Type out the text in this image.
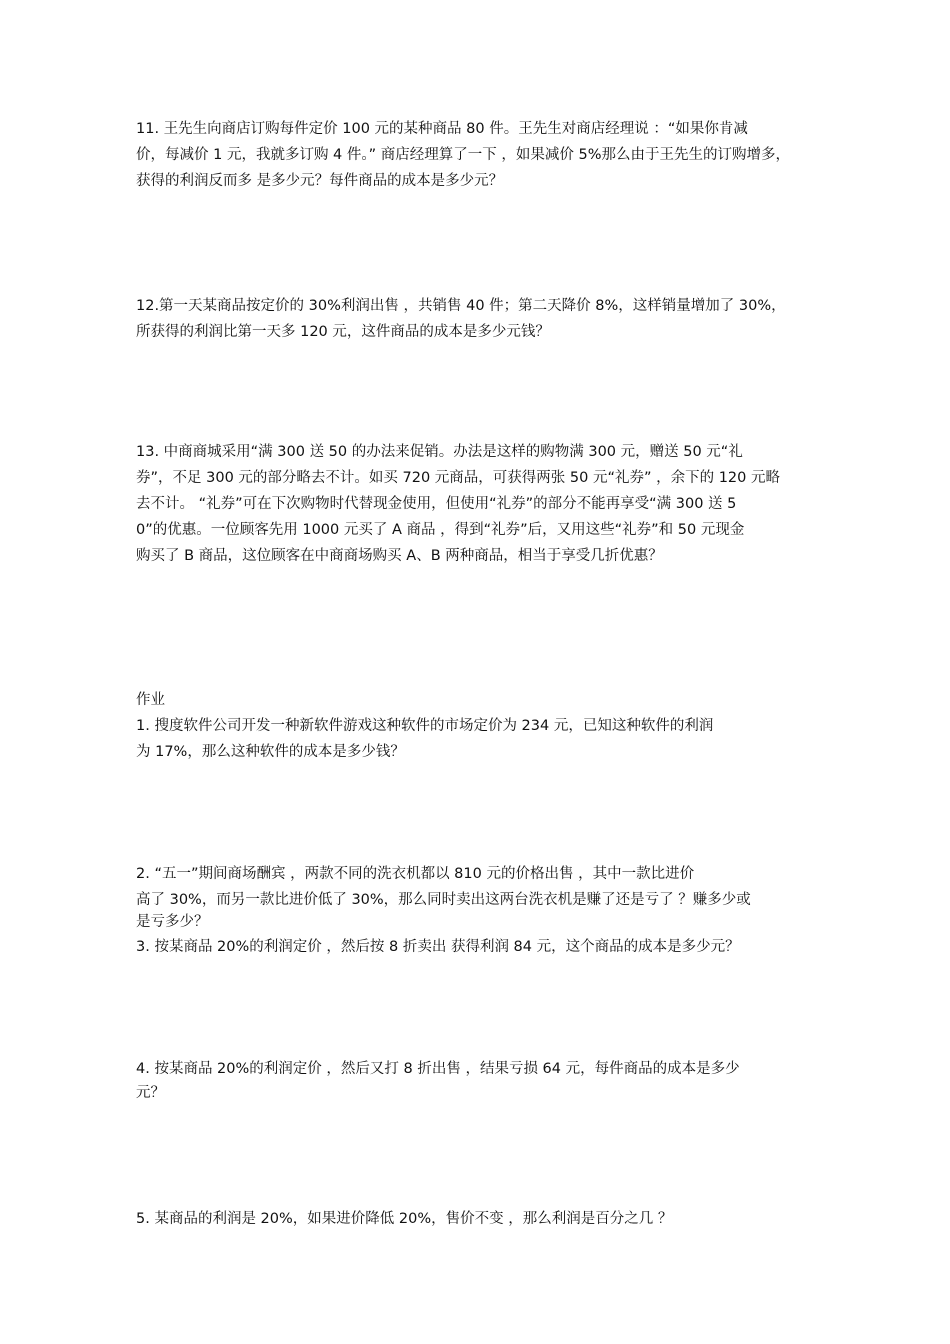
11. 王先生向商店订购每件定价 100 元的某种商品 80 件。王先生对商店经理说 ：“如果你肯减
价，每减价 1 元，我就多订购 4 件。” 商店经理算了一下 ，如果减价 5%那么由于王先生的订购增多，
获得的利润反而多 是多少元？每件商品的成本是多少元？
12.第一天某商品按定价的 30%利润出售 ，共销售 40 件；第二天降价 8%，这样销量增加了 30%，
所获得的利润比第一天多 120 元，这件商品的成本是多少元钱？
13. 中商商城采用“满 300 送 50 的办法来促销。办法是这样的购物满 300 元，赠送 50 元“礼
券”，不足 300 元的部分略去不计。如买 720 元商品，可获得两张 50 元“礼券” ，余下的 120 元略
去不计。 “礼券”可在下次购物时代替现金使用，但使用“礼券”的部分不能再享受“满 300 送 5
0”的优惠。一位顾客先用 1000 元买了 A 商品 ，得到“礼券”后，又用这些“礼券”和 50 元现金
购买了 B 商品，这位顾客在中商商场购买 A、B 两种商品，相当于享受几折优惠？
作业
1. 搜度软件公司开发一种新软件游戏这种软件的市场定价为 234 元，已知这种软件的利润
为 17%，那么这种软件的成本是多少钱？
2. “五一”期间商场酬宾 ，两款不同的洗衣机都以 810 元的价格出售 ，其中一款比进价
高了 30%，而另一款比进价低了 30%，那么同时卖出这两台洗衣机是赚了还是亏了 ？赚多少或
是亏多少？
3. 按某商品 20%的利润定价 ，然后按 8 折卖出 获得利润 84 元，这个商品的成本是多少元？
4. 按某商品 20%的利润定价 ，然后又打 8 折出售 ，结果亏损 64 元，每件商品的成本是多少
元？
5. 某商品的利润是 20%，如果进价降低 20%，售价不变 ，那么利润是百分之几 ？
